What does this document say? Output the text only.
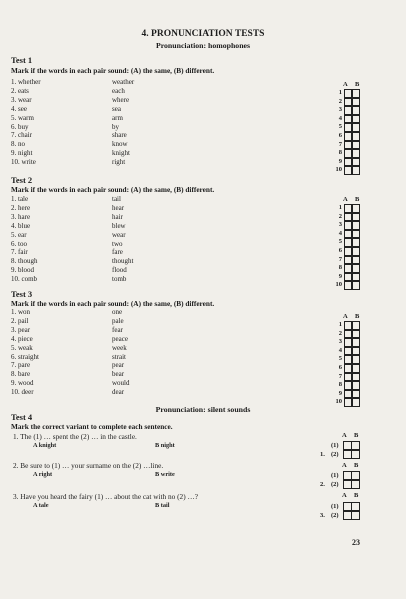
4. PRONUNCIATION TESTS
Pronunciation: homophones
Test 1
Mark if the words in each pair sound: (A) the same, (B) different.
1. whether	weather
2. eats	each
3. wear	where
4. see	sea
5. warm	arm
6. buy	by
7. chair	share
8. no	know
9. night	knight
10. write	right
A B
1
2
3
4
5
6
7
8
9
10
Test 2
Mark if the words in each pair sound: (A) the same, (B) different.
1. tale	tail
2. here	hear
3. hare	hair
4. blue	blew
5. ear	wear
6. too	two
7. fair	fare
8. though	thought
9. blood	flood
10. comb	tomb
A B
1
2
3
4
5
6
7
8
9
10
Test 3
Mark if the words in each pair sound: (A) the same, (B) different.
1. won	one
2. pail	pale
3. pear	fear
4. piece	peace
5. weak	week
6. straight	strait
7. pare	pear
8. bare	bear
9. wood	would
10. deer	dear
A B
1
2
3
4
5
6
7
8
9
10
Pronunciation: silent sounds
Test 4
Mark the correct variant to complete each sentence.
1. The (1) … spent the (2) … in the castle.
A knight	B night
A B
(1)
1. (2)
2. Be sure to (1) … your surname on the (2) …line.
A right	B write
A B
(1)
2. (2)
3. Have you heard the fairy (1) … about the cat with no (2) …?
A tale	B tail
A B
(1)
3. (2)
23
